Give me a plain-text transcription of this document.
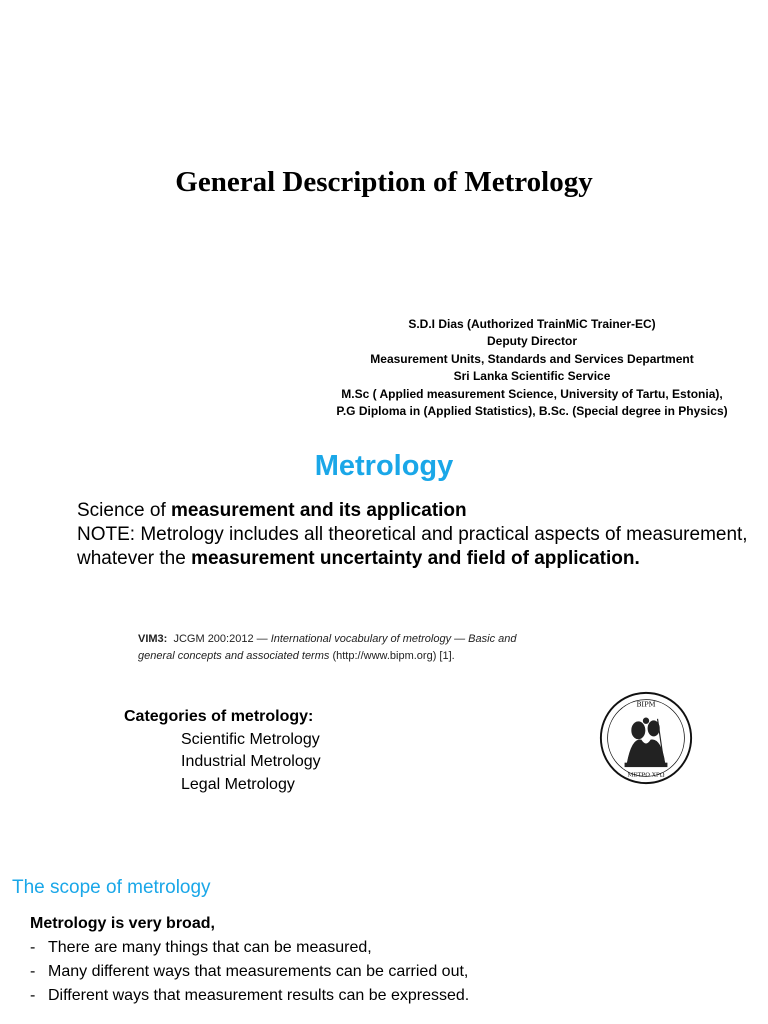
General Description of Metrology
S.D.I Dias (Authorized TrainMiC Trainer-EC)
Deputy Director
Measurement Units, Standards and Services Department
Sri Lanka Scientific Service
M.Sc ( Applied measurement Science, University of Tartu, Estonia),
P.G Diploma in (Applied Statistics), B.Sc. (Special degree in Physics)
Metrology
Science of measurement and its application
NOTE: Metrology includes all theoretical and practical aspects of measurement, whatever the measurement uncertainty and field of application.
VIM3: JCGM 200:2012 — International vocabulary of metrology — Basic and
general concepts and associated terms (http://www.bipm.org) [1].
Categories of metrology:
Scientific Metrology
Industrial Metrology
Legal Metrology
BIPM
ΜΕΤΡΩ ΧΡΩ
The scope of metrology
Metrology is very broad,
- There are many things that can be measured,
- Many different ways that measurements can be carried out,
- Different ways that measurement results can be expressed.
